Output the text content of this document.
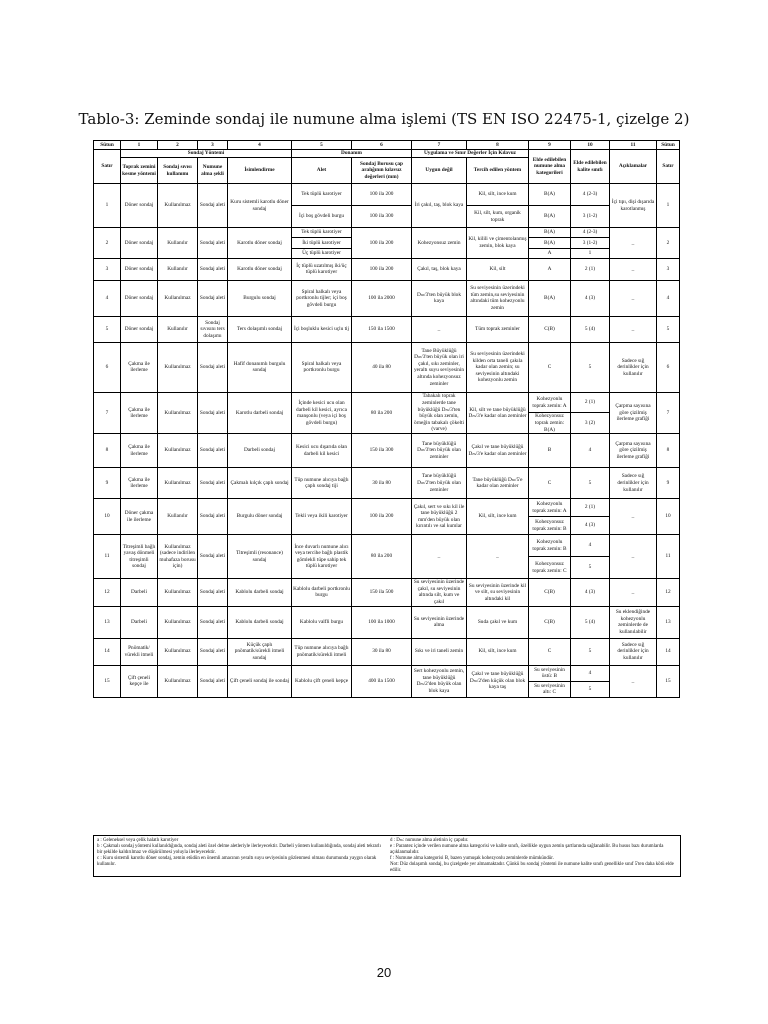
Tablo-3: Zeminde sondaj ile numune alma işlemi (TS EN ISO 22475-1, çizelge 2)
Sütun	1	2	3	4	5	6	7	8	9	10	11	Sütun
Satır	Sondaj Yöntemi				Donanım		Uygulama ve Sınır Değerler İçin Kılavuz		Elde edilebilen numune alma kategorileri	Elde edilebilen kalite sınıfı	Açıklamalar	Satır
	Toprak zemini kesme yöntemi	Sondaj sıvısı kullanımı	Numune alma şekli	İsimlendirme	Alet	Sondaj Borusu çap aralığının kılavuz değerleri (mm)	Uygun değil	Tercih edilen yöntem				
1	Döner sondaj	Kullanılmaz	Sondaj aleti	Kuru sistemli karotlu döner sondaj	Tek tüplü karotiyer	100 ila 200	İri çakıl, taş, blok kaya	Kil, silt, ince kum	B(A)	4 (2-3)	İçi tıpı, dişi dışarıda karotlanmış	1
					İçi boş gövdeli burgu	100 ila 300		Kil, silt, kum, organik toprak	B(A)	3 (1-2)		
2	Döner sondaj	Kullanılır	Sondaj aleti	Karotlu döner sondaj	Tek tüplü karotiyer	100 ila 200	Kohezyonsuz zemin	Kil, kilili ve çimentolanmış zemin, blok kaya	B(A)	4 (2-3)	_	2
					İki tüplü karotiyer				B(A)	3 (1-2)		
					Üç tüplü karotiyer				A	1		
3	Döner sondaj	Kullanılır	Sondaj aleti	Karotlu döner sondaj	İç tüplü uzatılmış iki/üç tüplü karotiyer	100 ila 200	Çakıl, taş, blok kaya	Kil, silt	A	2 (1)	_	3
4	Döner sondaj	Kullanılmaz	Sondaj aleti	Burgulu sondaj	Spiral halkalı veya portkronlu tijler; içi boş gövdeli burgu	100 ila 2000	Dₘ/3'ten büyük blok kaya	Su seviyesinin üzerindeki tüm zemin,su seviyesinin altındaki tüm kohezyonlu zemin	B(A)	4 (3)	_	4
5	Döner sondaj	Kullanılır	Sondaj sıvısını ters dolaşımı	Ters dolaşımlı sondaj	İçi boşluklu kesici uçlu tij	150 ila 1500	_	Tüm toprak zeminler	C(B)	5 (4)	_	5
6	Çakma ile ilerleme	Kullanılmaz	Sondaj aleti	Hafif donanımlı burgulu sondaj	Spiral halkalı veya portkronlu burgu	40 ila 80	Tane Büyüklüğü Dₘ/3'ten büyük olan iri çakıl, sıkı zeminler, yeraltı suyu seviyesinin altında kohezyonsuz zeminler	Su seviyesinin üzerindeki kilden orta taneli çakıla kadar olan zemin; su seviyesinin altındaki kohezyonlu zemin	C	5	Sadece sığ derinlikler için kullanılır	6
7	Çakma ile ilerleme	Kullanılmaz	Sondaj aleti	Karotlu darbeli sondaj	İçinde kesici ucu olan darbeli kil kesici, ayrıca manşonlu (veya içi boş gövdeli burgu)	80 ila 200	Tabakalı toprak zeminlerde tane büyüklüğü Dₘ/3'ten büyük olan zemin, örneğin tabakalı çökelti (varve)	Kil, silt ve tane büyüklüğü Dₘ/3'e kadar olan zeminler	Kohezyonlu toprak zemin: A	2 (1)	Çarpma sayısına göre çizilmiş ilerleme grafiği	7
									Kohezyonsuz toprak zemin: B(A)	3 (2)		
8	Çakma ile ilerleme	Kullanılmaz	Sondaj aleti	Darbeli sondaj	Kesici ucu dışarıda olan darbeli kil kesici	150 ila 300	Tane büyüklüğü Dₘ/3'ten büyük olan zeminler	Çakıl ve tane büyüklüğü Dₘ/3'e kadar olan zeminler	B	4	Çarpma sayısına göre çizilmiş ilerleme grafiği	8
9	Çakma ile ilerleme	Kullanılmaz	Sondaj aleti	Çakmalı kılçık çaplı sondaj	Tüp numune alıcıya bağlı çaplı sondaj tiji	30 ila 80	Tane büyüklüğü Dₘ/2'ten büyük olan zeminler	Tane büyüklüğü Dₘ/5'e kadar olan zeminler	C	5	Sadece sığ derinlikler için kullanılır	9
10	Döner çakma ile ilerleme	Kullanılır	Sondaj aleti	Burgulu döner sondaj	Tekli veya ikili karotiyer	100 ila 200	Çakıl, sert ve sıkı kil ile tane büyüklüğü 2 mm'den büyük olan kırıntılı ve sal kumlar	Kil, silt, ince kum	Kohezyonlu toprak zemin: A	2 (1)	_	10
									Kohezyonsuz toprak zemin: B	4 (3)		
11	Titreşimli bağlı yavaş dönmeli titreşimli sondaj	Kullanılmaz (sadece indirilen muhafaza borusu için)	Sondaj aleti	Titreşimli (resonance) sondaj	İnce duvarlı numune alıcı veya tercihe bağlı plastik gömlekli tüpe sahip tek tüplü karotiyer	80 ila 200	_	_	Kohezyonlu toprak zemin: B	4	_	11
									Kohezyonsuz toprak zemin: C	5		
12	Darbeli	Kullanılmaz	Sondaj aleti	Kablolu darbeli sondaj	Kablolu darbeli portkronlu burgu	150 ila 500	Su seviyesinin üzerinde çakıl, su seviyesinin altında silt, kum ve çakıl	Su seviyesinin üzerinde kil ve silt, su seviyesinin altındaki kil	C(B)	4 (3)	_	12
13	Darbeli	Kullanılmaz	Sondaj aleti	Kablolu darbeli sondaj	Kablolu valfli burgu	100 ila 1000	Su seviyesinin üzerinde alma	Suda çakıl ve kum	C(B)	5 (4)	Su eklendiğinde kohezyonlu zeminlerde de kullanılabilir	13
14	Pnömatik/ vürekli itmeli	Kullanılmaz	Sondaj aleti	Küçük çaplı pnömatik/sürekli itmeli sondaj	Tüp numune alıcıya bağlı pnömatik/sürekli itmeli	30 ila 80	Sıkı ve iri taneli zemin	Kil, silt, ince kum	C	5	Sadece sığ derinlikler için kullanılır	14
15	Çift çeneli kepçe ile	Kullanılmaz	Sondaj aleti	Çift çeneli sondaj ile sondaj	Kablolu çift çeneli kepçe	400 ila 1500	Sert kohezyonlu zemin, tane büyüklüğü Dₘ/2'den büyük olan blok kaya	Çakıl ve tane büyüklüğü Dₘ/2'den küçük olan blok kaya taş	Su seviyesinin üstü: B	4	_	15
									Su seviyesinin altı: C	5		

a : Geleneksel veya çelik halatlı karotiyer

b : Çakmalı sondaj yöntemi kullanıldığında, sondaj aleti özel delme aletleriyle ilerleyecektir. Darbeli yöntem kullanıldığında, sondaj aleti tekrarlı bir şekilde kaldırılmaz ve düşürülmesi yoluyla ilerleyecektir.

c : Kuru sistemli karotlu döner sondaj, zemin etüdün en önemli amacının yeraltı suyu seviyesinin gözlenmesi olması durumunda yaygın olarak kullanılır.

d : Dₘ: numune alma aletinin iç çapıdır.

e : Parantez içinde verilen numune alma kategorisi ve kalite sınıfı, özellikle uygun zemin şartlarında sağlanabilir. Bu husus bazı durumlarda açıklanmalıdır.

f : Numune alma kategorisi B, bazen yumuşak kohezyonlu zeminlerde mümkündür.

Not: Düz dolaşımlı sondaj, bu çizelgede yer almamaktadır. Çünkü bu sondaj yöntemi ile numune kalite sınıfı genellikle sınıf 5'ten daha kötü elde edilir.

20
